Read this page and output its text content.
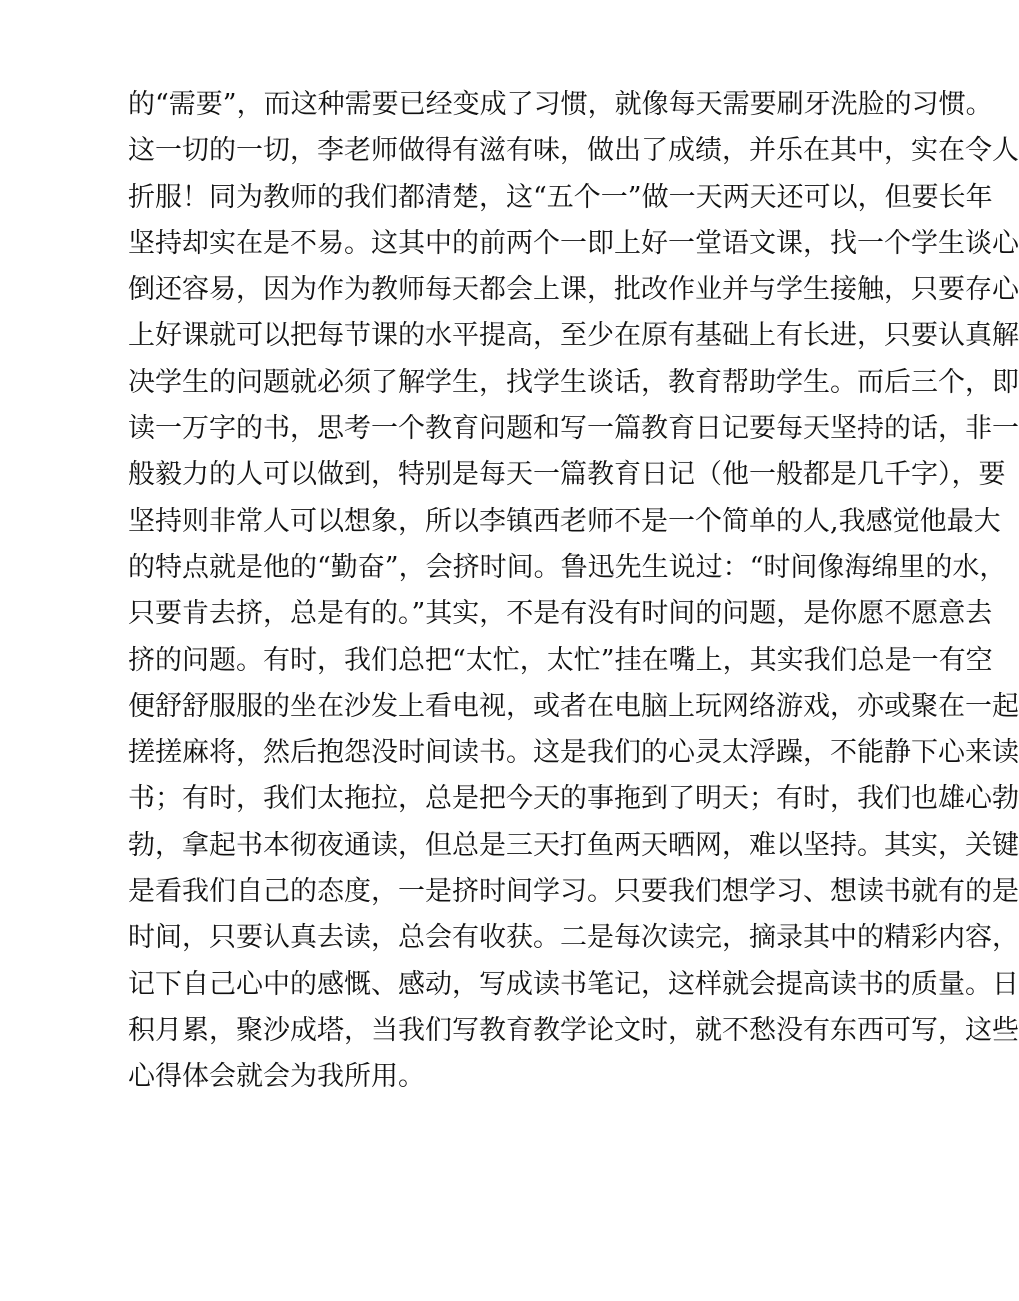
的“需要”，而这种需要已经变成了习惯，就像每天需要刷牙洗脸的习惯。
这一切的一切，李老师做得有滋有味，做出了成绩，并乐在其中，实在令人
折服！同为教师的我们都清楚，这“五个一”做一天两天还可以，但要长年
坚持却实在是不易。这其中的前两个一即上好一堂语文课，找一个学生谈心
倒还容易，因为作为教师每天都会上课，批改作业并与学生接触，只要存心
上好课就可以把每节课的水平提高，至少在原有基础上有长进，只要认真解
决学生的问题就必须了解学生，找学生谈话，教育帮助学生。而后三个，即
读一万字的书，思考一个教育问题和写一篇教育日记要每天坚持的话，非一
般毅力的人可以做到，特别是每天一篇教育日记（他一般都是几千字），要
坚持则非常人可以想象，所以李镇西老师不是一个简单的人,我感觉他最大
的特点就是他的“勤奋”，会挤时间。鲁迅先生说过：“时间像海绵里的水，
只要肯去挤，总是有的。”其实，不是有没有时间的问题，是你愿不愿意去
挤的问题。有时，我们总把“太忙，太忙”挂在嘴上，其实我们总是一有空
便舒舒服服的坐在沙发上看电视，或者在电脑上玩网络游戏，亦或聚在一起
搓搓麻将，然后抱怨没时间读书。这是我们的心灵太浮躁，不能静下心来读
书；有时，我们太拖拉，总是把今天的事拖到了明天；有时，我们也雄心勃
勃，拿起书本彻夜通读，但总是三天打鱼两天晒网，难以坚持。其实，关键
是看我们自己的态度，一是挤时间学习。只要我们想学习、想读书就有的是
时间，只要认真去读，总会有收获。二是每次读完，摘录其中的精彩内容，
记下自己心中的感慨、感动，写成读书笔记，这样就会提高读书的质量。日
积月累，聚沙成塔，当我们写教育教学论文时，就不愁没有东西可写，这些
心得体会就会为我所用。
